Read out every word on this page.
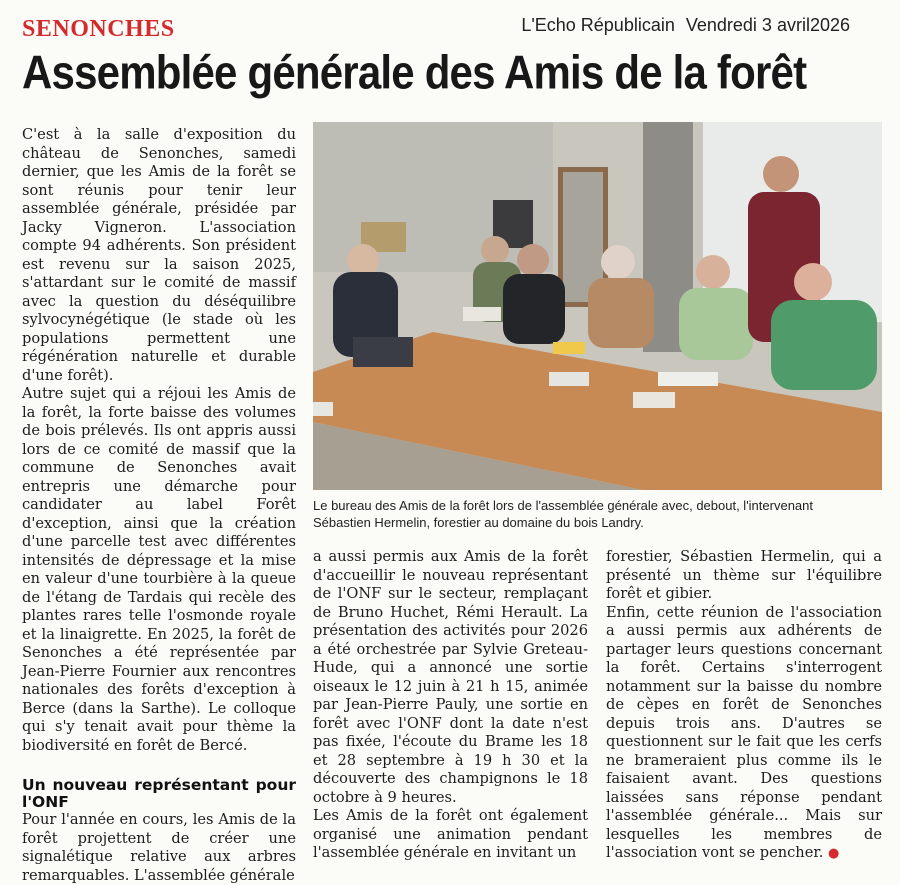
SENONCHES	L'Echo Républicain Vendredi 3 avril2026
Assemblée générale des Amis de la forêt

C'est à la salle d'exposition du château de Senonches, samedi dernier, que les Amis de la forêt se sont réunis pour tenir leur assemblée générale, présidée par Jacky Vigneron. L'association compte 94 adhérents. Son président est revenu sur la saison 2025, s'attardant sur le comité de massif avec la question du déséquilibre sylvocynégétique (le stade où les populations permettent une régénération naturelle et durable d'une forêt).

Autre sujet qui a réjoui les Amis de la forêt, la forte baisse des volumes de bois prélevés. Ils ont appris aussi lors de ce comité de massif que la commune de Senonches avait entrepris une démarche pour candidater au label Forêt d'exception, ainsi que la création d'une parcelle test avec différentes intensités de dépressage et la mise en valeur d'une tourbière à la queue de l'étang de Tardais qui recèle des plantes rares telle l'osmonde royale et la linaigrette. En 2025, la forêt de Senonches a été représentée par Jean-Pierre Fournier aux rencontres nationales des forêts d'exception à Berce (dans la Sarthe). Le colloque qui s'y tenait avait pour thème la biodiversité en forêt de Bercé.

Un nouveau représentant pour l'ONF

Pour l'année en cours, les Amis de la forêt projettent de créer une signalétique relative aux arbres remarquables. L'assemblée générale

Le bureau des Amis de la forêt lors de l'assemblée générale avec, debout, l'intervenant
Sébastien Hermelin, forestier au domaine du bois Landry.

a aussi permis aux Amis de la forêt d'accueillir le nouveau représentant de l'ONF sur le secteur, remplaçant de Bruno Huchet, Rémi Herault. La présentation des activités pour 2026 a été orchestrée par Sylvie Greteau-Hude, qui a annoncé une sortie oiseaux le 12 juin à 21 h 15, animée par Jean-Pierre Pauly, une sortie en forêt avec l'ONF dont la date n'est pas fixée, l'écoute du Brame les 18 et 28 septembre à 19 h 30 et la découverte des champignons le 18 octobre à 9 heures.

Les Amis de la forêt ont également organisé une animation pendant l'assemblée générale en invitant un

forestier, Sébastien Hermelin, qui a présenté un thème sur l'équilibre forêt et gibier.

Enfin, cette réunion de l'association a aussi permis aux adhérents de partager leurs questions concernant la forêt. Certains s'interrogent notamment sur la baisse du nombre de cèpes en forêt de Senonches depuis trois ans. D'autres se questionnent sur le fait que les cerfs ne brameraient plus comme ils le faisaient avant. Des questions laissées sans réponse pendant l'assemblée générale... Mais sur lesquelles les membres de l'association vont se pencher. ●
